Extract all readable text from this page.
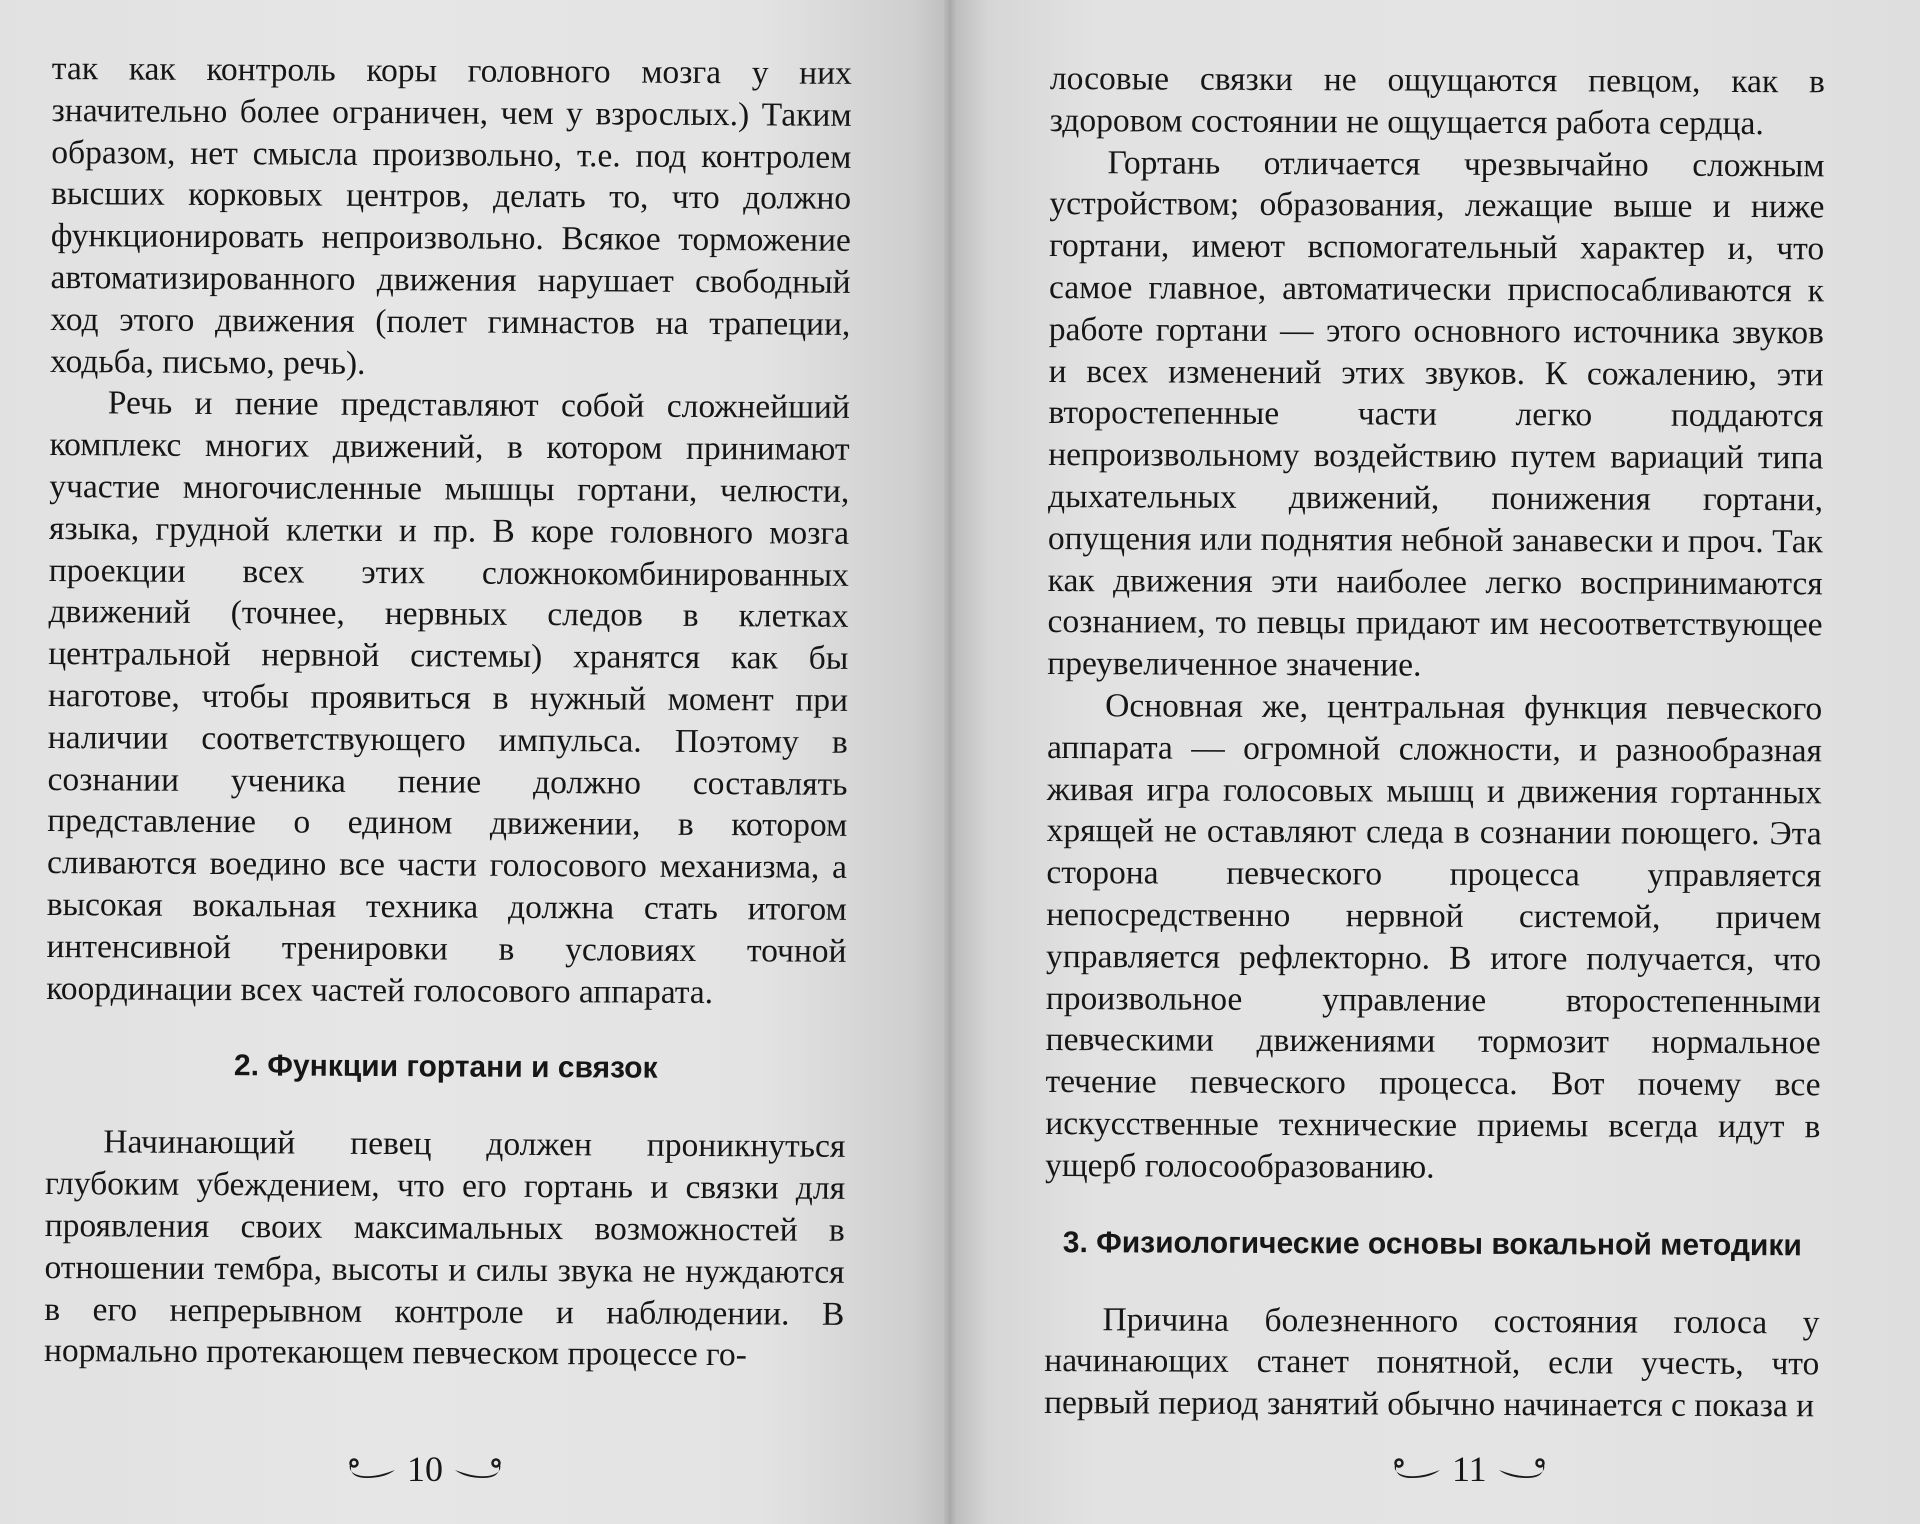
так как контроль коры головного мозга у них значительно более ограничен, чем у взрослых.) Таким образом, нет смысла произвольно, т.е. под контролем высших корковых центров, делать то, что должно функционировать непроизвольно. Всякое торможение автоматизированного движения нарушает свободный ход этого движения (полет гимнастов на трапеции, ходьба, письмо, речь).

Речь и пение представляют собой сложнейший комплекс многих движений, в котором принимают участие многочисленные мышцы гортани, челюсти, языка, грудной клетки и пр. В коре головного мозга проекции всех этих сложнокомбинированных движений (точнее, нервных следов в клетках центральной нервной системы) хранятся как бы наготове, чтобы проявиться в нужный момент при наличии соответствующего импульса. Поэтому в сознании ученика пение должно составлять представление о едином движении, в котором сливаются воедино все части голосового механизма, а высокая вокальная техника должна стать итогом интенсивной тренировки в условиях точной координации всех частей голосового аппарата.

2. Функции гортани и связок

Начинающий певец должен проникнуться глубоким убеждением, что его гортань и связки для проявления своих максимальных возможностей в отношении тембра, высоты и силы звука не нуждаются в его непрерывном контроле и наблюдении. В нормально протекающем певческом процессе го-

10

лосовые связки не ощущаются певцом, как в здоровом состоянии не ощущается работа сердца.

Гортань отличается чрезвычайно сложным устройством; образования, лежащие выше и ниже гортани, имеют вспомогательный характер и, что самое главное, автоматически приспосабливаются к работе гортани — этого основного источника звуков и всех изменений этих звуков. К сожалению, эти второстепенные части легко поддаются непроизвольному воздействию путем вариаций типа дыхательных движений, понижения гортани, опущения или поднятия небной занавески и проч. Так как движения эти наиболее легко воспринимаются сознанием, то певцы придают им несоответствующее преувеличенное значение.

Основная же, центральная функция певческого аппарата — огромной сложности, и разнообразная живая игра голосовых мышц и движения гортанных хрящей не оставляют следа в сознании поющего. Эта сторона певческого процесса управляется непосредственно нервной системой, причем управляется рефлекторно. В итоге получается, что произвольное управление второстепенными певческими движениями тормозит нормальное течение певческого процесса. Вот почему все искусственные технические приемы всегда идут в ущерб голосообразованию.

3. Физиологические основы вокальной методики

Причина болезненного состояния голоса у начинающих станет понятной, если учесть, что первый период занятий обычно начинается с показа и

11
